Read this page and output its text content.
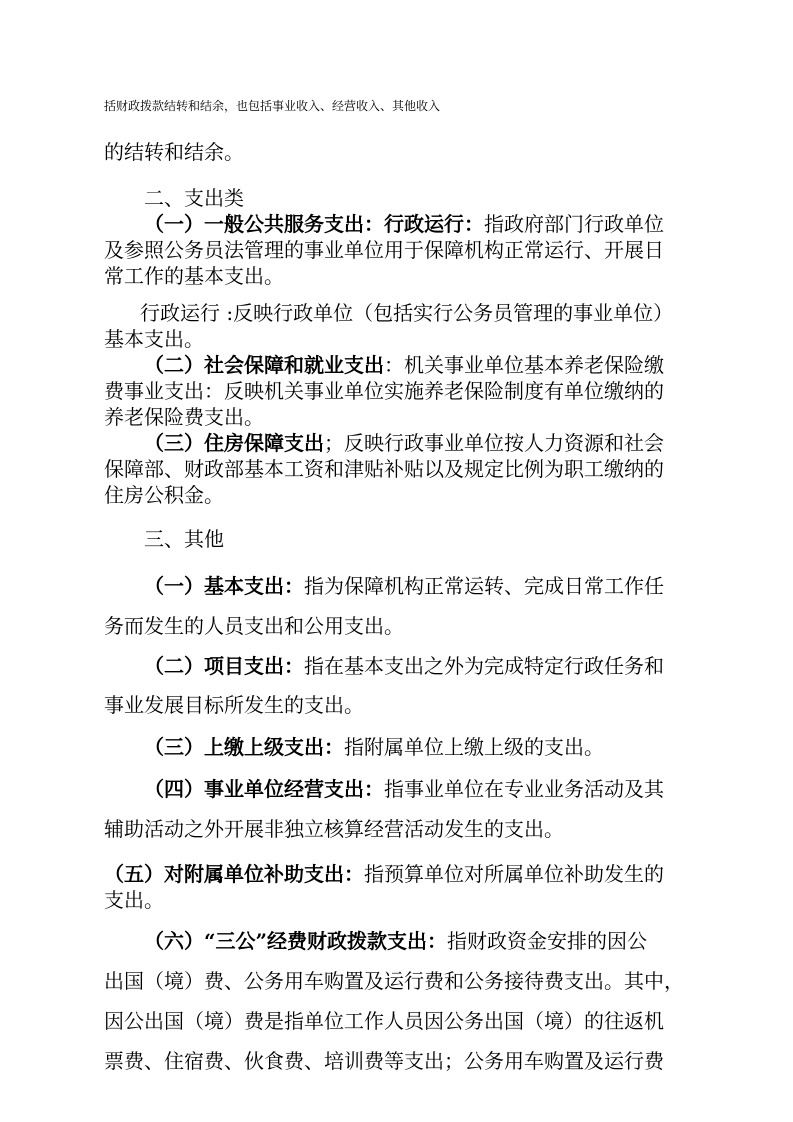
括财政拨款结转和结余，也包括事业收入、经营收入、其他收入
的结转和结余。
二、支出类
（一）一般公共服务支出：行政运行：指政府部门行政单位
及参照公务员法管理的事业单位用于保障机构正常运行、开展日
常工作的基本支出。
行政运行 :反映行政单位（包括实行公务员管理的事业单位）
基本支出。
（二）社会保障和就业支出：机关事业单位基本养老保险缴
费事业支出：反映机关事业单位实施养老保险制度有单位缴纳的
养老保险费支出。
（三）住房保障支出；反映行政事业单位按人力资源和社会
保障部、财政部基本工资和津贴补贴以及规定比例为职工缴纳的
住房公积金。
三、其他
（一）基本支出：指为保障机构正常运转、完成日常工作任
务而发生的人员支出和公用支出。
（二）项目支出：指在基本支出之外为完成特定行政任务和
事业发展目标所发生的支出。
（三）上缴上级支出：指附属单位上缴上级的支出。
（四）事业单位经营支出：指事业单位在专业业务活动及其
辅助活动之外开展非独立核算经营活动发生的支出。
（五）对附属单位补助支出：指预算单位对所属单位补助发生的
支出。
（六）“三公”经费财政拨款支出：指财政资金安排的因公
出国（境）费、公务用车购置及运行费和公务接待费支出。其中，
因公出国（境）费是指单位工作人员因公务出国（境）的往返机
票费、住宿费、伙食费、培训费等支出；公务用车购置及运行费
